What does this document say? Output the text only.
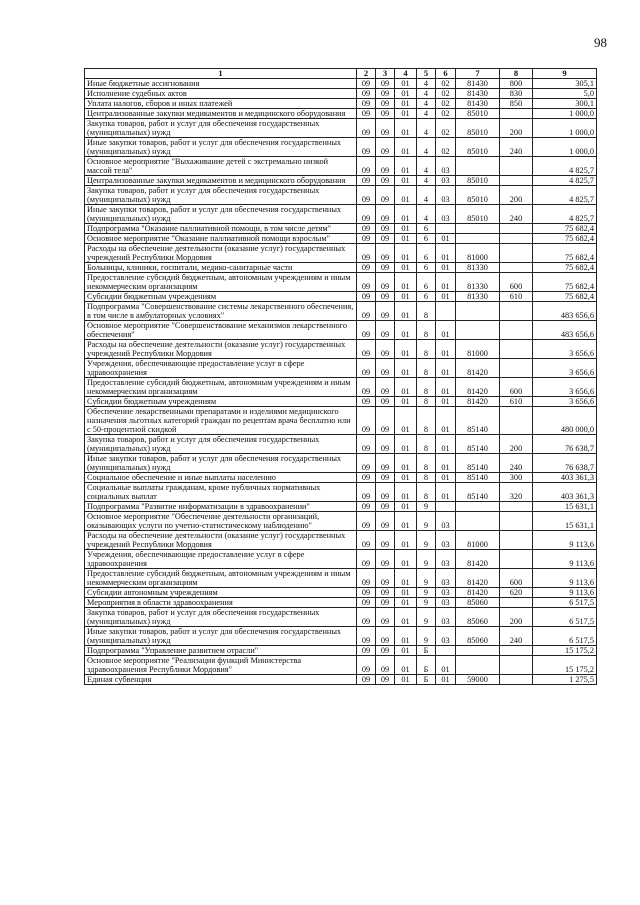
98
1	2	3	4	5	6	7	8	9
Иные бюджетные ассигнования	09	09	01	4	02	81430	800	305,1
Исполнение судебных актов	09	09	01	4	02	81430	830	5,0
Уплата налогов, сборов и иных платежей	09	09	01	4	02	81430	850	300,1
Централизованные закупки медикаментов и медицинского оборудования	09	09	01	4	02	85010		1 000,0
Закупка товаров, работ и услуг для обеспечения государственных (муниципальных) нужд	09	09	01	4	02	85010	200	1 000,0
Иные закупки товаров, работ и услуг для обеспечения государственных (муниципальных) нужд	09	09	01	4	02	85010	240	1 000,0
Основное мероприятие "Выхаживание детей с экстремально низкой массой тела"	09	09	01	4	03			4 825,7
Централизованные закупки медикаментов и медицинского оборудования	09	09	01	4	03	85010		4 825,7
Закупка товаров, работ и услуг для обеспечения государственных (муниципальных) нужд	09	09	01	4	03	85010	200	4 825,7
Иные закупки товаров, работ и услуг для обеспечения государственных (муниципальных) нужд	09	09	01	4	03	85010	240	4 825,7
Подпрограмма "Оказание паллиативной помощи, в том числе детям"	09	09	01	6				75 682,4
Основное мероприятие "Оказание паллиативной помощи взрослым"	09	09	01	6	01			75 682,4
Расходы на обеспечение деятельности (оказание услуг) государственных учреждений Республики Мордовия	09	09	01	6	01	81000		75 682,4
Больницы, клиники, госпитали, медико-санитарные части	09	09	01	6	01	81330		75 682,4
Предоставление субсидий бюджетным, автономным учреждениям и иным некоммерческим организациям	09	09	01	6	01	81330	600	75 682,4
Субсидии бюджетным учреждениям	09	09	01	6	01	81330	610	75 682,4
Подпрограмма "Совершенствование системы лекарственного обеспечения, в том числе в амбулаторных условиях"	09	09	01	8				483 656,6
Основное мероприятие "Совершенствование механизмов лекарственного обеспечения"	09	09	01	8	01			483 656,6
Расходы на обеспечение деятельности (оказание услуг) государственных учреждений Республики Мордовия	09	09	01	8	01	81000		3 656,6
Учреждения, обеспечивающие предоставление услуг в сфере здравоохранения	09	09	01	8	01	81420		3 656,6
Предоставление субсидий бюджетным, автономным учреждениям и иным некоммерческим организациям	09	09	01	8	01	81420	600	3 656,6
Субсидии бюджетным учреждениям	09	09	01	8	01	81420	610	3 656,6
Обеспечение лекарственными препаратами и изделиями медицинского назначения льготных категорий граждан по рецептам врача бесплатно или с 50-процентной скидкой	09	09	01	8	01	85140		480 000,0
Закупка товаров, работ и услуг для обеспечения государственных (муниципальных) нужд	09	09	01	8	01	85140	200	76 638,7
Иные закупки товаров, работ и услуг для обеспечения государственных (муниципальных) нужд	09	09	01	8	01	85140	240	76 638,7
Социальное обеспечение и иные выплаты населению	09	09	01	8	01	85140	300	403 361,3
Социальные выплаты гражданам, кроме публичных нормативных социальных выплат	09	09	01	8	01	85140	320	403 361,3
Подпрограмма "Развитие информатизации в здравоохранении"	09	09	01	9				15 631,1
Основное мероприятие "Обеспечение деятельности организаций, оказывающих услуги по учетно-статистическому наблюдению"	09	09	01	9	03			15 631,1
Расходы на обеспечение деятельности (оказание услуг) государственных учреждений Республики Мордовия	09	09	01	9	03	81000		9 113,6
Учреждения, обеспечивающие предоставление услуг в сфере здравоохранения	09	09	01	9	03	81420		9 113,6
Предоставление субсидий бюджетным, автономным учреждениям и иным некоммерческим организациям	09	09	01	9	03	81420	600	9 113,6
Субсидии автономным учреждениям	09	09	01	9	03	81420	620	9 113,6
Мероприятия в области здравоохранения	09	09	01	9	03	85060		6 517,5
Закупка товаров, работ и услуг для обеспечения государственных (муниципальных) нужд	09	09	01	9	03	85060	200	6 517,5
Иные закупки товаров, работ и услуг для обеспечения государственных (муниципальных) нужд	09	09	01	9	03	85060	240	6 517,5
Подпрограмма "Управление развитием отрасли"	09	09	01	Б				15 175,2
Основное мероприятие "Реализация функций Министерства здравоохранения Республики Мордовия"	09	09	01	Б	01			15 175,2
Единая субвенция	09	09	01	Б	01	59000		1 275,5
